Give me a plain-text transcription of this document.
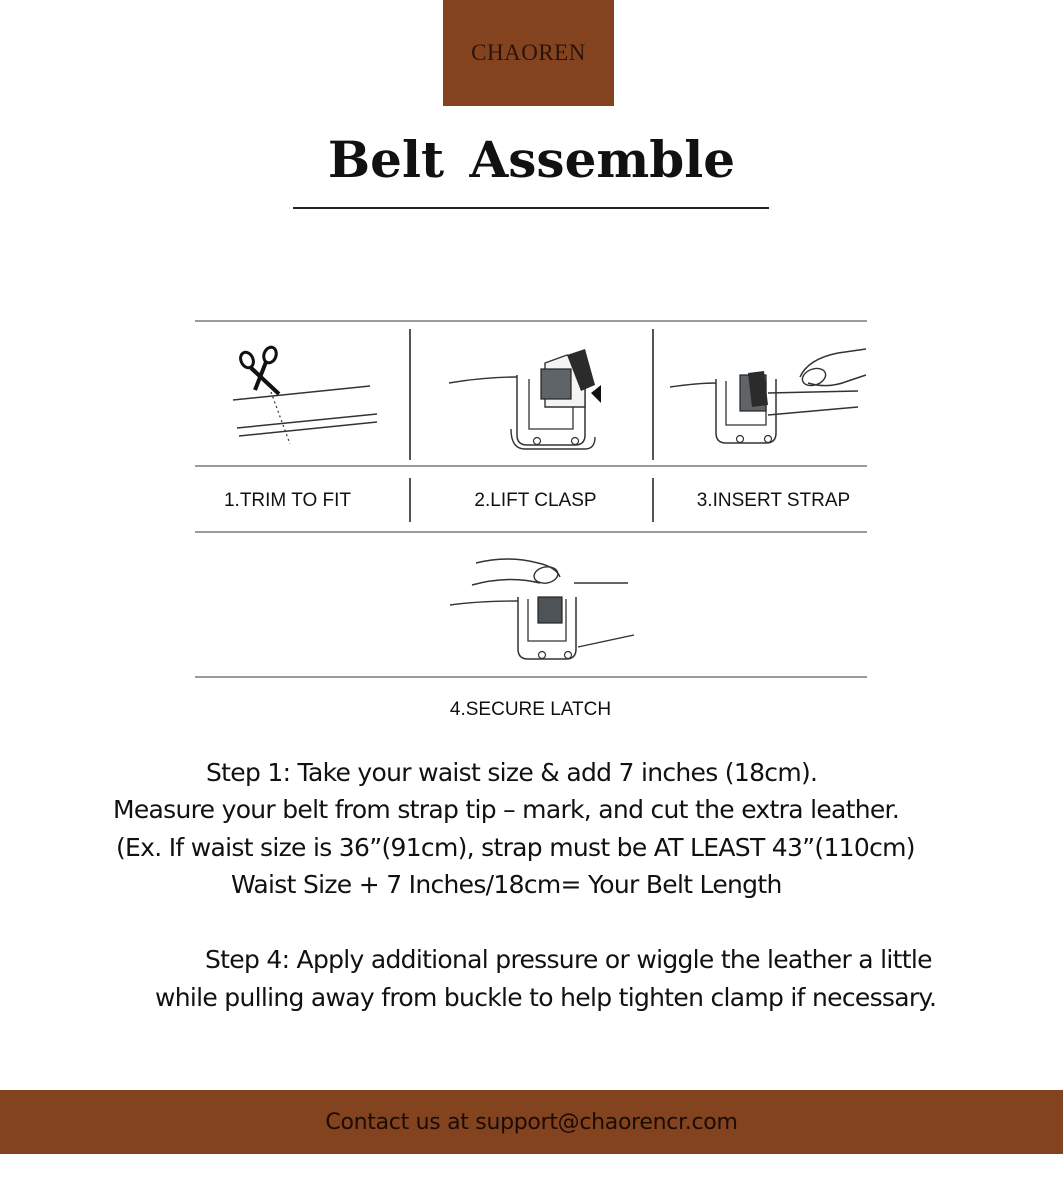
CHAOREN
Belt Assemble
1.TRIM TO FIT	2.LIFT CLASP	3.INSERT STRAP
4.SECURE LATCH
Step 1: Take your waist size & add 7 inches (18cm).
Measure your belt from strap tip – mark, and cut the extra leather.
(Ex. If waist size is 36”(91cm), strap must be AT LEAST 43”(110cm)
Waist Size + 7 Inches/18cm= Your Belt Length
Step 4: Apply additional pressure or wiggle the leather a little
while pulling away from buckle to help tighten clamp if necessary.
Contact us at support@chaorencr.com
